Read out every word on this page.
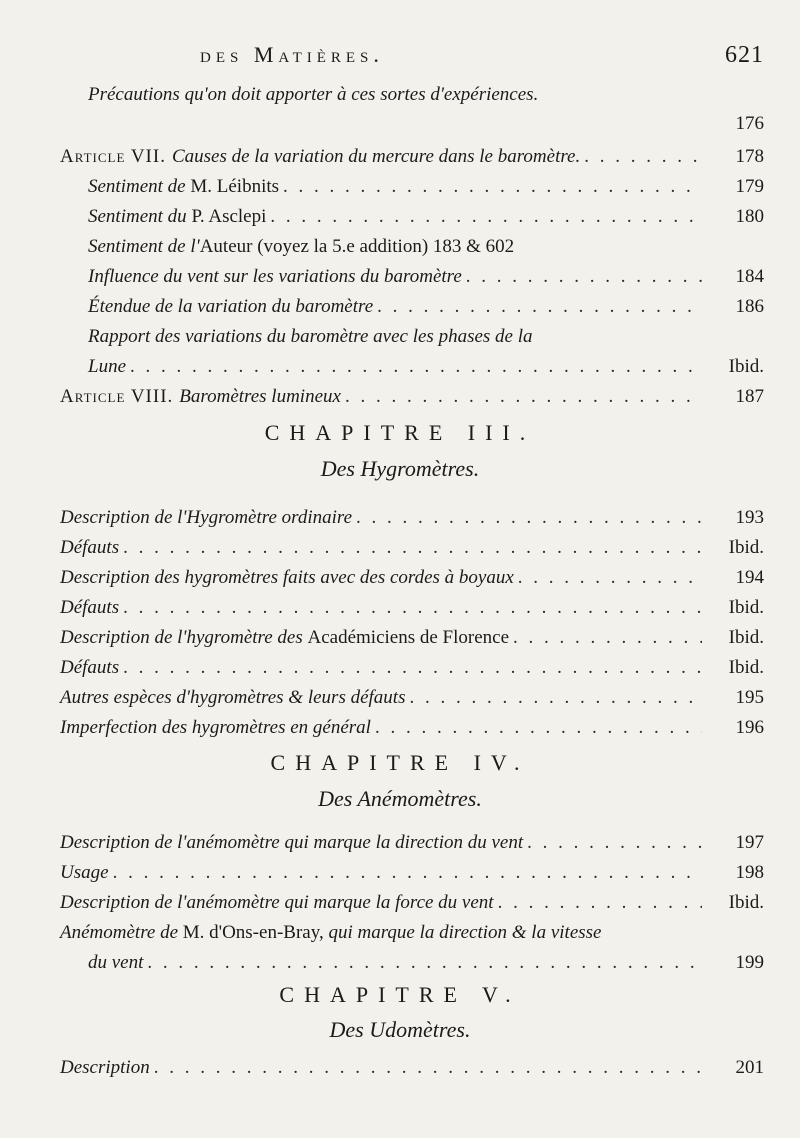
des Matières.	621
Précautions qu'on doit apporter à ces sortes d'expériences.
176
Article VII. Causes de la variation du mercure dans le baromètre. . . .	178
Sentiment de M. Léibnits . . .	179
Sentiment du P. Asclepi . . .	180
Sentiment de l'Auteur (voyez la 5.e addition) 183 & 602
Influence du vent sur les variations du baromètre . . .	184
Étendue de la variation du baromètre . . .	186
Rapport des variations du baromètre avec les phases de la
Lune . . .	Ibid.
Article VIII. Baromètres lumineux . . .	187
CHAPITRE III.
Des Hygromètres.
Description de l'Hygromètre ordinaire . . .	193
Défauts . . .	Ibid.
Description des hygromètres faits avec des cordes à boyaux . . .	194
Défauts . . .	Ibid.
Description de l'hygromètre des Académiciens de Florence . . .	Ibid.
Défauts . . .	Ibid.
Autres espèces d'hygromètres & leurs défauts . . .	195
Imperfection des hygromètres en général . . .	196
CHAPITRE IV.
Des Anémomètres.
Description de l'anémomètre qui marque la direction du vent . . .	197
Usage . . .	198
Description de l'anémomètre qui marque la force du vent . . .	Ibid.
Anémomètre de M. d'Ons-en-Bray, qui marque la direction & la vitesse
du vent . . .	199
CHAPITRE V.
Des Udomètres.
Description . . .	201
